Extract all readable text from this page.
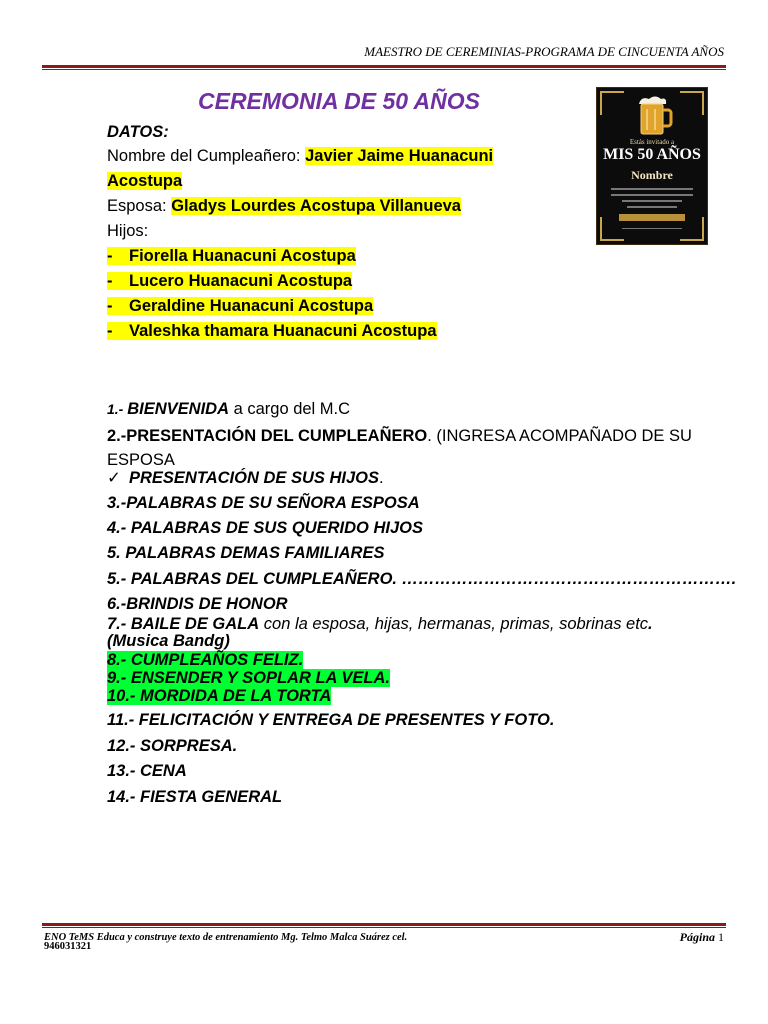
MAESTRO DE CEREMINIAS-PROGRAMA DE CINCUENTA AÑOS
CEREMONIA DE 50 AÑOS
Estás invitado a
MIS 50 AÑOS
Nombre
DATOS:
Nombre del Cumpleañero: Javier Jaime Huanacuni
Acostupa
Esposa: Gladys Lourdes Acostupa Villanueva
Hijos:
- Fiorella Huanacuni Acostupa
- Lucero Huanacuni Acostupa
- Geraldine Huanacuni Acostupa
- Valeshka thamara Huanacuni Acostupa
1.- BIENVENIDA a cargo del M.C
2.-PRESENTACIÓN DEL CUMPLEAÑERO. (INGRESA ACOMPAÑADO DE SU
ESPOSA
✓ PRESENTACIÓN DE SUS HIJOS.
3.-PALABRAS DE SU SEÑORA ESPOSA
4.- PALABRAS DE SUS QUERIDO HIJOS
5. PALABRAS DEMAS FAMILIARES
5.- PALABRAS DEL CUMPLEAÑERO. …………………………………………………….
6.-BRINDIS DE HONOR
7.- BAILE DE GALA con la esposa, hijas, hermanas, primas, sobrinas etc.
(Musica Bandg)
8.- CUMPLEAÑOS FELIZ.
9.- ENSENDER Y SOPLAR LA VELA.
10.- MORDIDA DE LA TORTA
11.- FELICITACIÓN Y ENTREGA DE PRESENTES Y FOTO.
12.- SORPRESA.
13.- CENA
14.- FIESTA GENERAL
ENO TeMS Educa y construye texto de entrenamiento Mg. Telmo Malca Suárez cel.
946031321
Página 1
